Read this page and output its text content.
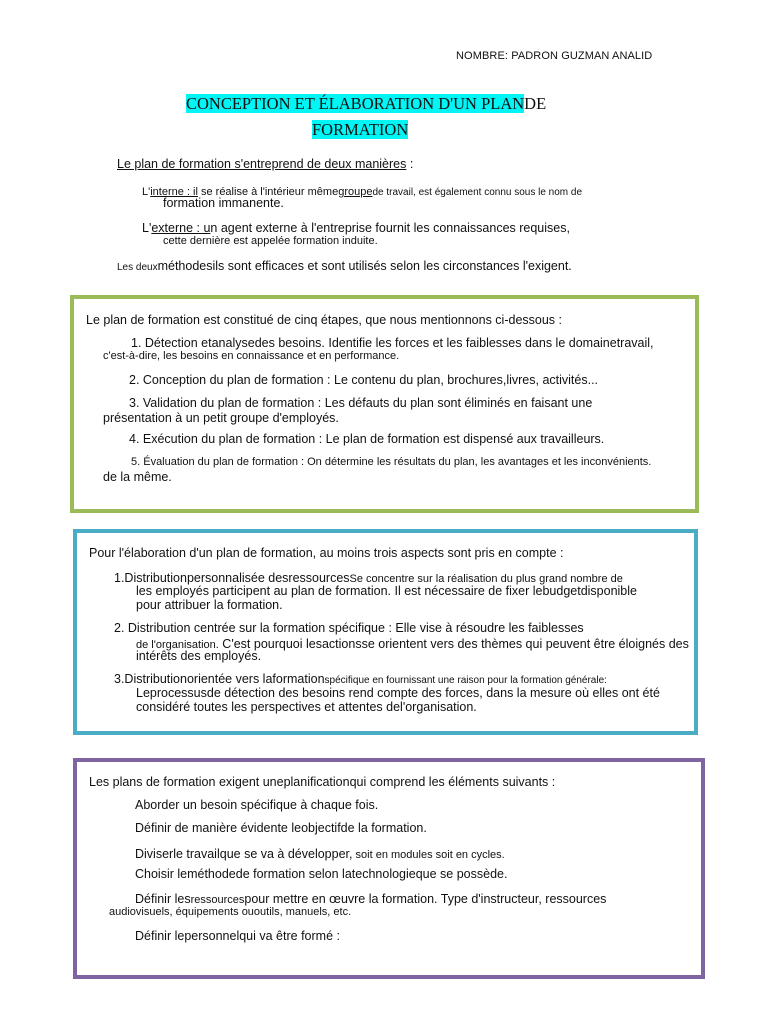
NOMBRE: PADRON GUZMAN ANALID
CONCEPTION ET ÉLABORATION D'UN PLANDE
FORMATION
Le plan de formation s'entreprend de deux manières :
L'interne : il se réalise à l'intérieur mêmegroupede travail, est également connu sous le nom de
formation immanente.
L'externe : un agent externe à l'entreprise fournit les connaissances requises,
cette dernière est appelée formation induite.
Les deuxméthodesils sont efficaces et sont utilisés selon les circonstances l'exigent.
Le plan de formation est constitué de cinq étapes, que nous mentionnons ci-dessous :
1. Détection etanalysedes besoins. Identifie les forces et les faiblesses dans le domainetravail,
c'est-à-dire, les besoins en connaissance et en performance.
2. Conception du plan de formation : Le contenu du plan, brochures,livres, activités...
3. Validation du plan de formation : Les défauts du plan sont éliminés en faisant une
présentation à un petit groupe d'employés.
4. Exécution du plan de formation : Le plan de formation est dispensé aux travailleurs.
5. Évaluation du plan de formation : On détermine les résultats du plan, les avantages et les inconvénients.
de la même.
Pour l'élaboration d'un plan de formation, au moins trois aspects sont pris en compte :
1.Distributionpersonnalisée desressourcesSe concentre sur la réalisation du plus grand nombre de
les employés participent au plan de formation. Il est nécessaire de fixer lebudgetdisponible
pour attribuer la formation.
2. Distribution centrée sur la formation spécifique : Elle vise à résoudre les faiblesses
de l'organisation. C'est pourquoi lesactionsse orientent vers des thèmes qui peuvent être éloignés des
intérêts des employés.
3.Distributionorientée vers laformationspécifique en fournissant une raison pour la formation générale:
Leprocessusde détection des besoins rend compte des forces, dans la mesure où elles ont été
considéré toutes les perspectives et attentes del'organisation.
Les plans de formation exigent uneplanificationqui comprend les éléments suivants :
Aborder un besoin spécifique à chaque fois.
Définir de manière évidente leobjectifde la formation.
Diviserle travailque se va à développer, soit en modules soit en cycles.
Choisir leméthodede formation selon latechnologieque se possède.
Définir lesressourcespour mettre en œuvre la formation. Type d'instructeur, ressources
audiovisuels, équipements ououtils, manuels, etc.
Définir lepersonnelqui va être formé :
